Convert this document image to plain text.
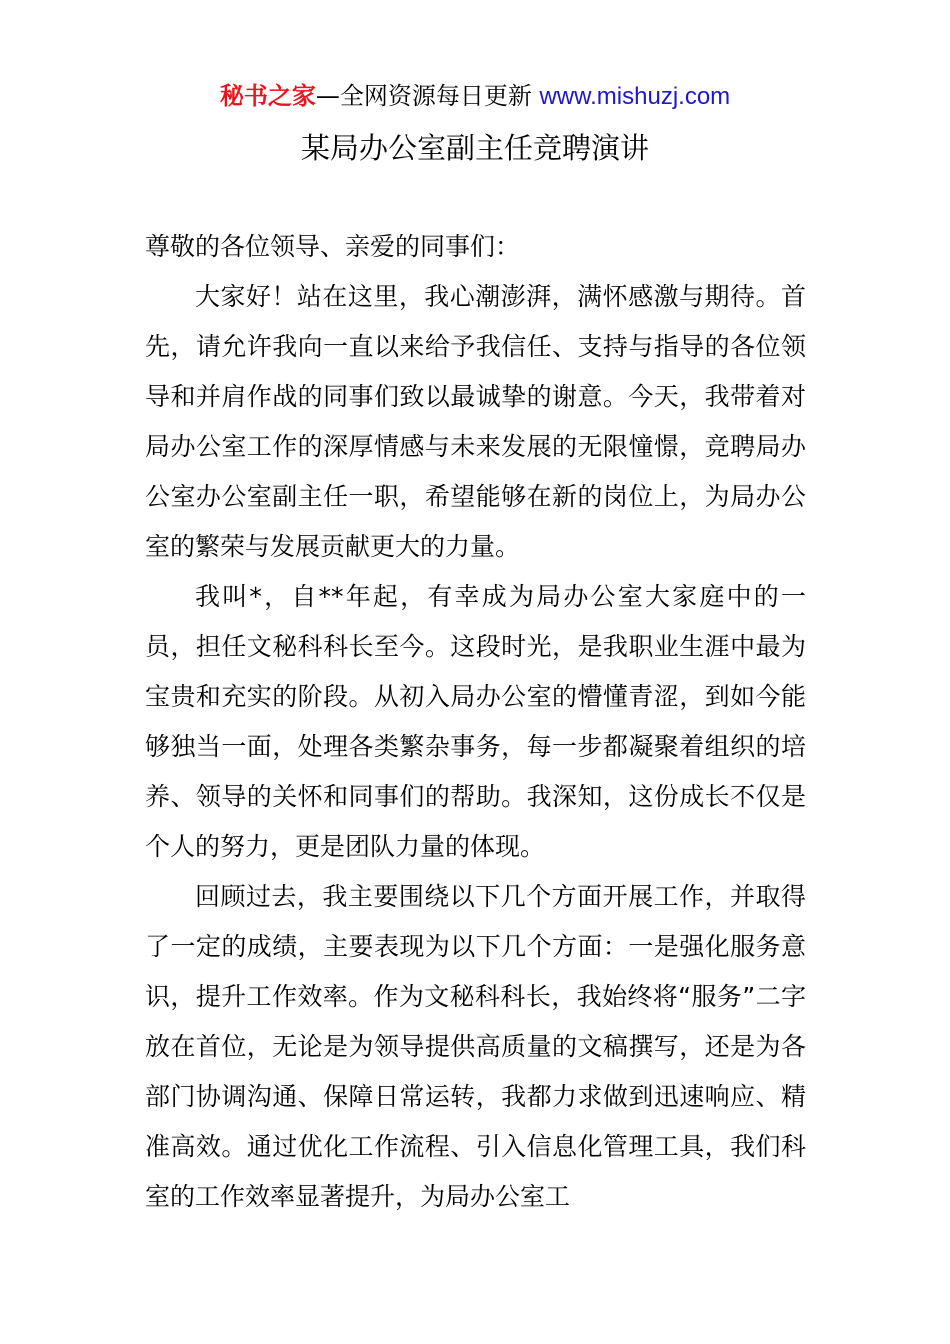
秘书之家—全网资源每日更新 www.mishuzj.com
某局办公室副主任竞聘演讲

尊敬的各位领导、亲爱的同事们：

大家好！站在这里，我心潮澎湃，满怀感激与期待。首先，请允许我向一直以来给予我信任、支持与指导的各位领导和并肩作战的同事们致以最诚挚的谢意。今天，我带着对局办公室工作的深厚情感与未来发展的无限憧憬，竞聘局办公室办公室副主任一职，希望能够在新的岗位上，为局办公室的繁荣与发展贡献更大的力量。

我叫*，自**年起，有幸成为局办公室大家庭中的一员，担任文秘科科长至今。这段时光，是我职业生涯中最为宝贵和充实的阶段。从初入局办公室的懵懂青涩，到如今能够独当一面，处理各类繁杂事务，每一步都凝聚着组织的培养、领导的关怀和同事们的帮助。我深知，这份成长不仅是个人的努力，更是团队力量的体现。

回顾过去，我主要围绕以下几个方面开展工作，并取得了一定的成绩，主要表现为以下几个方面：一是强化服务意识，提升工作效率。作为文秘科科长，我始终将“服务”二字放在首位，无论是为领导提供高质量的文稿撰写，还是为各部门协调沟通、保障日常运转，我都力求做到迅速响应、精准高效。通过优化工作流程、引入信息化管理工具，我们科室的工作效率显著提升，为局办公室工
